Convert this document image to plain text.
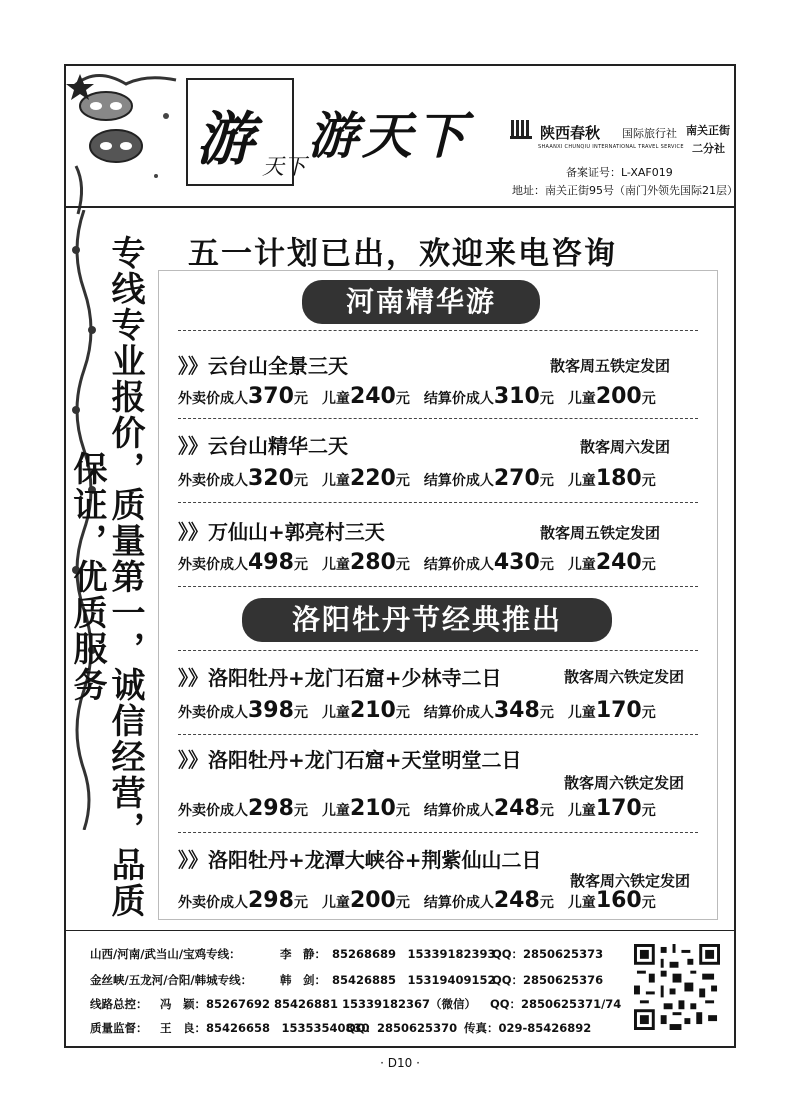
游 天下
游天下	陕西春秋 国际旅行社
SHAANXI CHUNQIU INTERNATIONAL TRAVEL SERVICE
南关正街
二分社
备案证号：L-XAF019
地址：南关正街95号（南门外领先国际21层）
五一计划已出，欢迎来电咨询
专线专业报价，质量第一，诚信经营，品质保证，优质服务
河南精华游
》》云台山全景三天	散客周五铁定发团
外卖价成人370元 儿童240元 结算价成人310元 儿童200元
》》云台山精华二天	散客周六发团
外卖价成人320元 儿童220元 结算价成人270元 儿童180元
》》万仙山+郭亮村三天	散客周五铁定发团
外卖价成人498元 儿童280元 结算价成人430元 儿童240元
洛阳牡丹节经典推出
》》洛阳牡丹+龙门石窟+少林寺二日	散客周六铁定发团
外卖价成人398元 儿童210元 结算价成人348元 儿童170元
》》洛阳牡丹+龙门石窟+天堂明堂二日
散客周六铁定发团
外卖价成人298元 儿童210元 结算价成人248元 儿童170元
》》洛阳牡丹+龙潭大峡谷+荆紫仙山二日
散客周六铁定发团
外卖价成人298元 儿童200元 结算价成人248元 儿童160元
山西/河南/武当山/宝鸡专线：	李　静： 85268689　15339182393QQ：2850625373
金丝峡/五龙河/合阳/韩城专线： 韩　剑： 85426885　15319409152QQ：2850625376
线路总控： 冯　颖：85267692 85426881 15339182367（微信） QQ：2850625371/74
质量监督： 王　良：85426658　15353540830QQ：2850625370 传真：029-85426892
· D10 ·
